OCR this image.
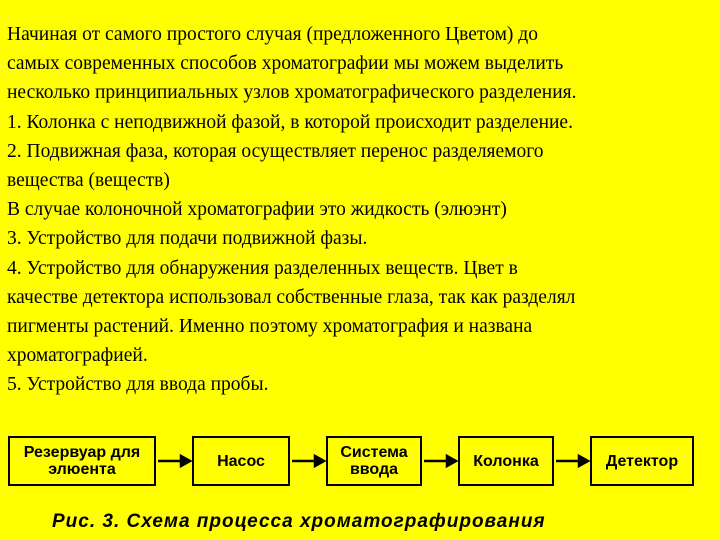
Начиная от самого простого случая (предложенного Цветом) до
самых современных способов хроматографии мы можем выделить
несколько принципиальных узлов хроматографического разделения.
1. Колонка с неподвижной фазой, в которой происходит разделение.
2. Подвижная фаза, которая осуществляет перенос разделяемого
вещества (веществ)
В случае колоночной хроматографии это жидкость (элюэнт)
3. Устройство для подачи подвижной фазы.
4. Устройство для обнаружения разделенных веществ. Цвет в
качестве детектора использовал собственные глаза, так как разделял
пигменты растений. Именно поэтому хроматография и названа
хроматографией.
5. Устройство для ввода пробы.
Резервуар для
элюента	Насос	Система
ввода	Колонка	Детектор
Рис. 3. Схема процесса хроматографирования
